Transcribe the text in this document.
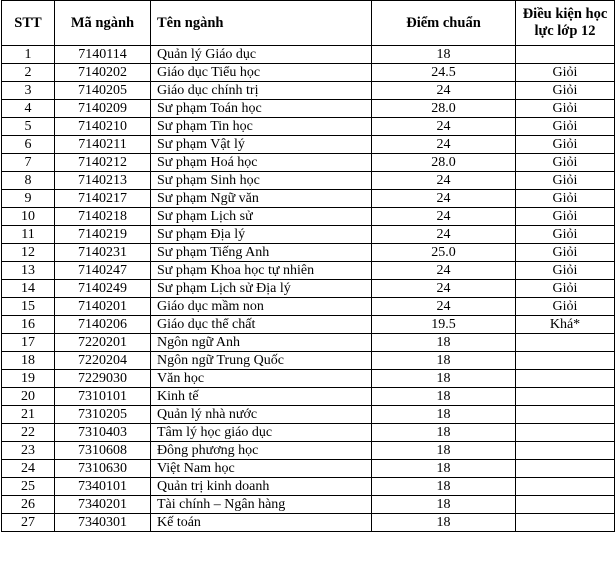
STT	Mã ngành	Tên ngành	Điểm chuẩn	Điều kiện học lực lớp 12

1	7140114	Quản lý Giáo dục	18	
2	7140202	Giáo dục Tiểu học	24.5	Giỏi
3	7140205	Giáo dục chính trị	24	Giỏi
4	7140209	Sư phạm Toán học	28.0	Giỏi
5	7140210	Sư phạm Tin học	24	Giỏi
6	7140211	Sư phạm Vật lý	24	Giỏi
7	7140212	Sư phạm Hoá học	28.0	Giỏi
8	7140213	Sư phạm Sinh học	24	Giỏi
9	7140217	Sư phạm Ngữ văn	24	Giỏi
10	7140218	Sư phạm Lịch sử	24	Giỏi
11	7140219	Sư phạm Địa lý	24	Giỏi
12	7140231	Sư phạm Tiếng Anh	25.0	Giỏi
13	7140247	Sư phạm Khoa học tự nhiên	24	Giỏi
14	7140249	Sư phạm Lịch sử Địa lý	24	Giỏi
15	7140201	Giáo dục mầm non	24	Giỏi
16	7140206	Giáo dục thể chất	19.5	Khá*
17	7220201	Ngôn ngữ Anh	18	
18	7220204	Ngôn ngữ Trung Quốc	18	
19	7229030	Văn học	18	
20	7310101	Kinh tế	18	
21	7310205	Quản lý nhà nước	18	
22	7310403	Tâm lý học giáo dục	18	
23	7310608	Đông phương học	18	
24	7310630	Việt Nam học	18	
25	7340101	Quản trị kinh doanh	18	
26	7340201	Tài chính – Ngân hàng	18	
27	7340301	Kế toán	18	
